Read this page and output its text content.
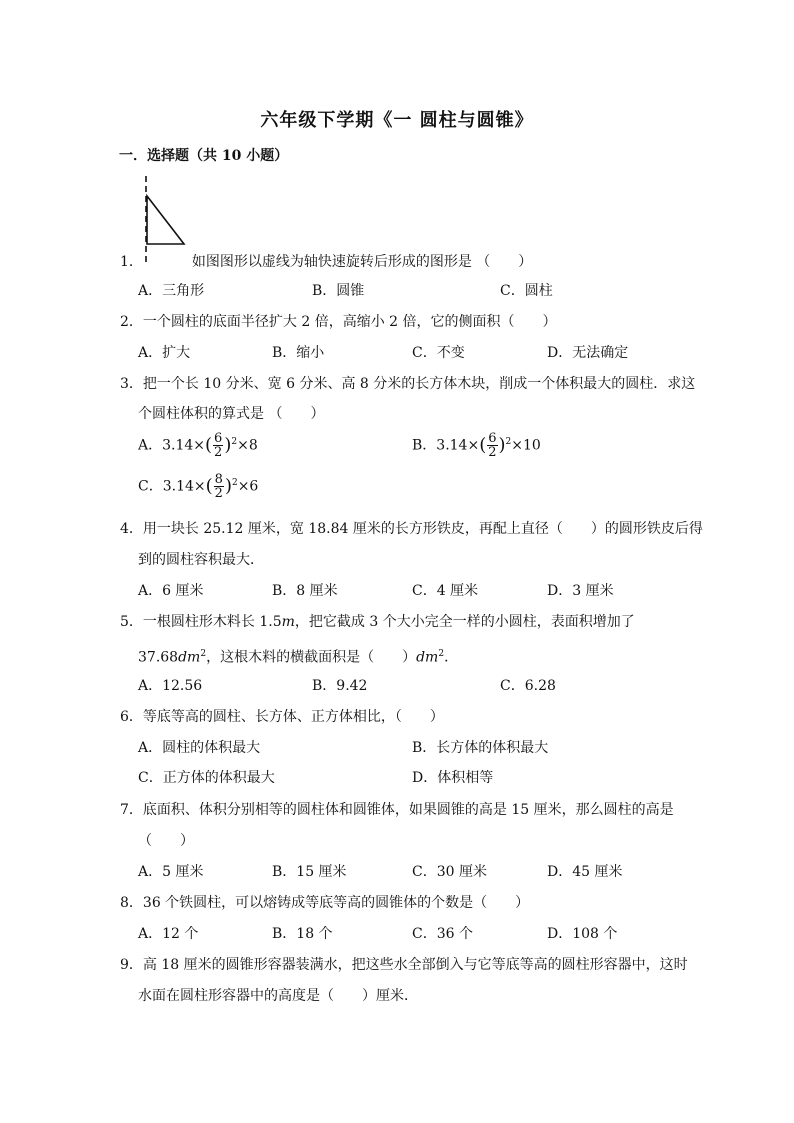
六年级下学期《一 圆柱与圆锥》
一．选择题（共 10 小题）
1．	如图图形以虚线为轴快速旋转后形成的图形是 （　　）
A．三角形	B．圆锥	C．圆柱
2．一个圆柱的底面半径扩大 2 倍，高缩小 2 倍，它的侧面积（　　）
A．扩大	B．缩小	C．不变	D．无法确定
3．把一个长 10 分米、宽 6 分米、高 8 分米的长方体木块，削成一个体积最大的圆柱．求这
个圆柱体积的算式是 （　　）
A．$3.14\times( \frac{6}{2} )^2\times 8$	B．$3.14\times( \frac{6}{2} )^2\times 10$
C．$3.14\times( \frac{8}{2} )^2\times 6$
4．用一块长 25.12 厘米，宽 18.84 厘米的长方形铁皮，再配上直径（　　）的圆形铁皮后得
到的圆柱容积最大．
A．6 厘米	B．8 厘米	C．4 厘米	D．3 厘米
5．一根圆柱形木料长 1.5m，把它截成 3 个大小完全一样的小圆柱，表面积增加了
$37.68dm^2$，这根木料的横截面积是（　　）$dm^2$．
A．12.56	B．9.42	C．6.28
6．等底等高的圆柱、长方体、正方体相比，（　　）
A．圆柱的体积最大	B．长方体的体积最大
C．正方体的体积最大	D．体积相等
7．底面积、体积分别相等的圆柱体和圆锥体，如果圆锥的高是 15 厘米，那么圆柱的高是
（　　）
A．5 厘米	B．15 厘米	C．30 厘米	D．45 厘米
8．36 个铁圆柱，可以熔铸成等底等高的圆锥体的个数是（　　）
A．12 个	B．18 个	C．36 个	D．108 个
9．高 18 厘米的圆锥形容器装满水，把这些水全部倒入与它等底等高的圆柱形容器中，这时
水面在圆柱形容器中的高度是（　　）厘米．
